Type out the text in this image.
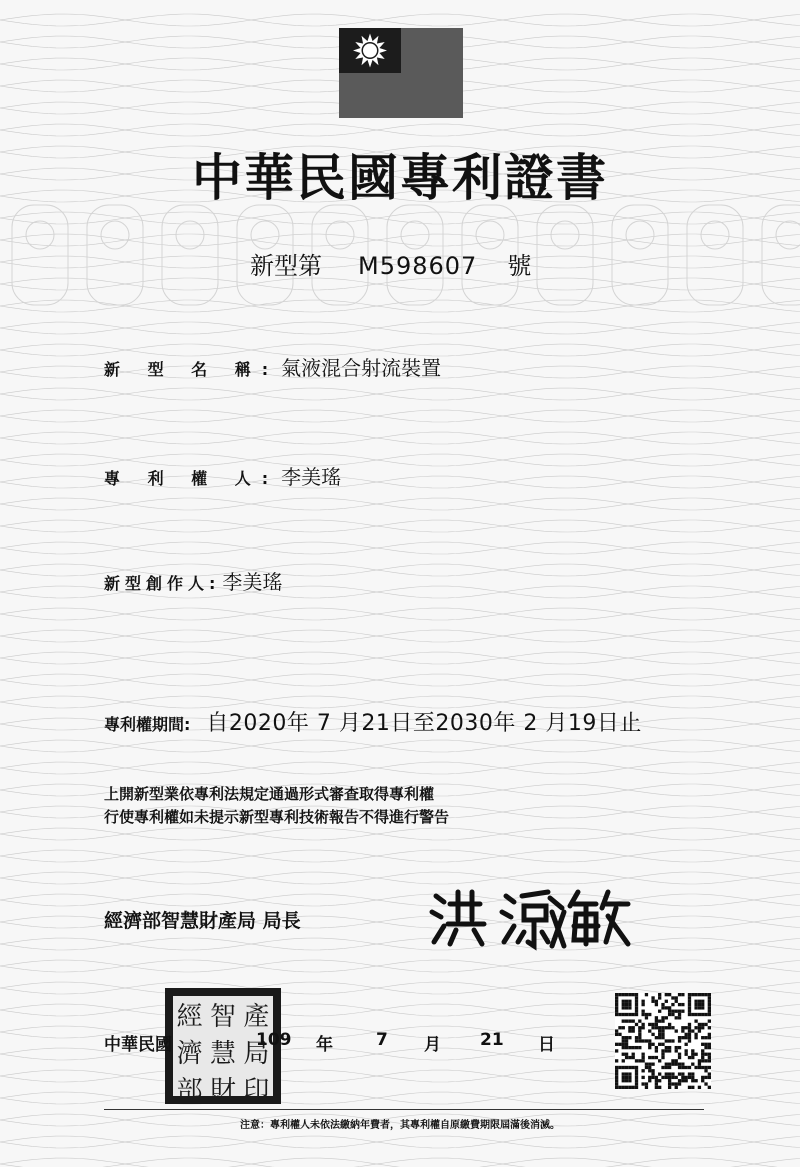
中華民國專利證書
新型第 M598607 號
新 型 名 稱: 氣液混合射流裝置
專 利 權 人: 李美瑤
新型創作人: 李美瑤
專利權期間: 自2020年 7 月21日至2030年 2 月19日止
上開新型業依專利法規定通過形式審查取得專利權
行使專利權如未提示新型專利技術報告不得進行警告
經濟部智慧財產局 局長
經 智 產
濟 慧 局
部 財 印
中華民國	109 年	7 月 21 日
注意：專利權人未依法繳納年費者，其專利權自原繳費期限屆滿後消滅。
